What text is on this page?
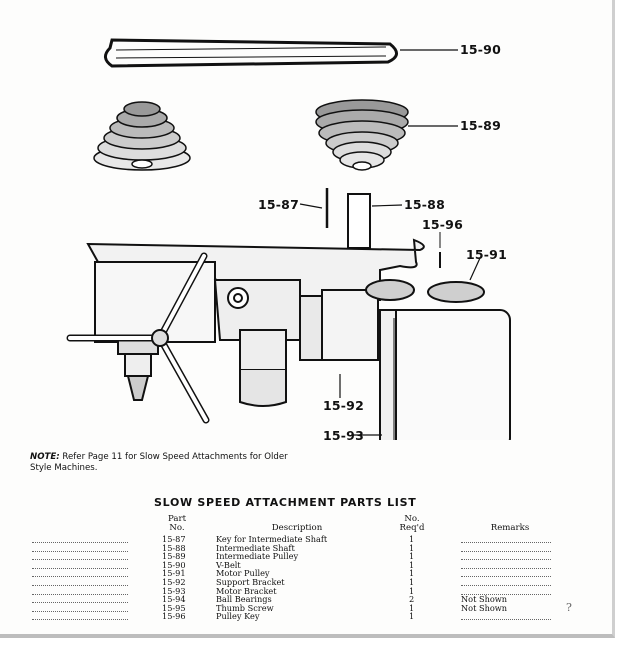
15-90
15-89
15-87	15-88
15-96
15-91
15-92
15-93
NOTE: Refer Page 11 for Slow Speed Attachments for Older Style Machines.
SLOW SPEED ATTACHMENT PARTS LIST
Part
No.	Description
No.
Req'd	Remarks
15-87	Key for Intermediate Shaft	1
15-88	Intermediate Shaft	1
15-89	Intermediate Pulley	1
15-90	V-Belt	1
15-91	Motor Pulley	1
15-92	Support Bracket	1
15-93	Motor Bracket	1
15-94	Ball Bearings	2	Not Shown
15-95	Thumb Screw	1	Not Shown
15-96	Pulley Key	1
?
